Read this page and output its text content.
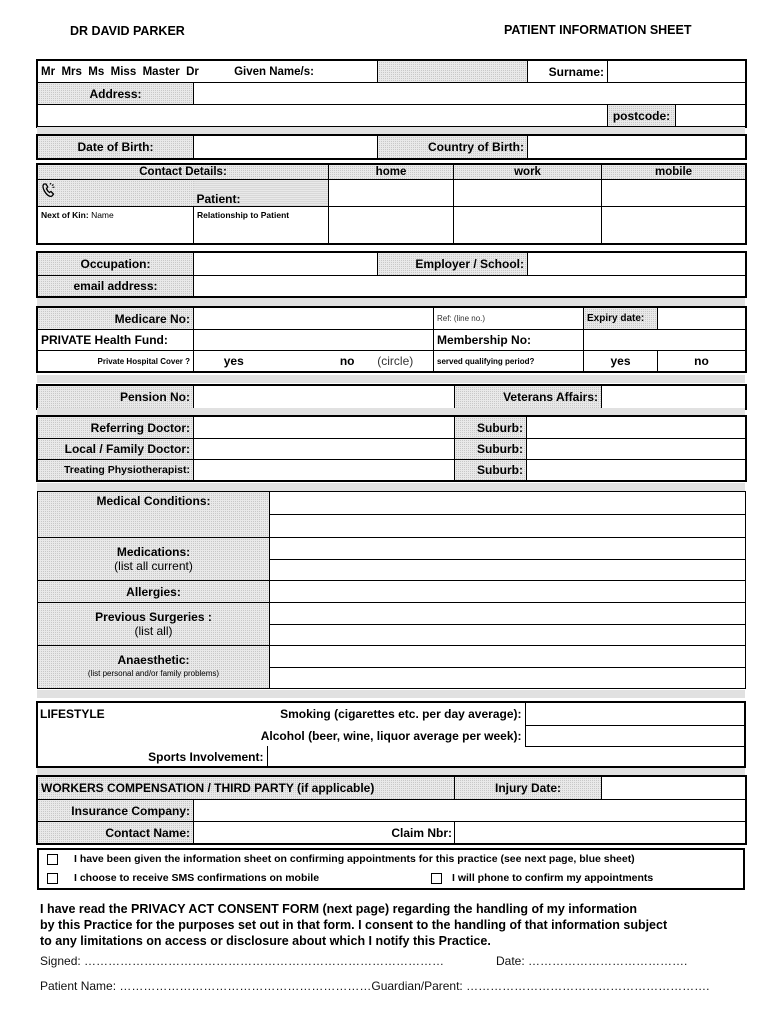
DR DAVID PARKER	PATIENT INFORMATION SHEET
Mr  Mrs  Ms  Miss  Master  Dr Given Name/s:			Surname:		
Address:					
				postcode:	
Date of Birth:		Country of Birth:	
Contact Details:		home	work	mobile
	Patient:			
Next of Kin: Name	Relationship to Patient			
Occupation:		Employer / School:	
email address:			
Medicare No:				Ref: (line no.)	Expiry date:	
PRIVATE Health Fund:				Membership No:		
Private Hospital Cover ?	yes	no	(circle)	served qualifying period?	yes	no
Pension No:		Veterans Affairs:	
Referring Doctor:		Suburb:	
Local / Family Doctor:		Suburb:	
Treating Physiotherapist:		Suburb:	
Medical Conditions:	

Medications:
(list all current)	

Allergies:	

Previous Surgeries :
(list all)	

Anaesthetic:
(list personal and/or family problems)	

LIFESTYLE	Smoking (cigarettes etc. per day average):		
	Alcohol (beer, wine, liquor average per week):		
	Sports Involvement:		
WORKERS COMPENSATION / THIRD PARTY (if applicable)		Injury Date:	
Insurance Company:			
Contact Name:	Claim Nbr:		
I have been given the information sheet on confirming appointments for this practice (see next page, blue sheet)
I choose to receive SMS confirmations on mobile	I will phone to confirm my appointments
I have read the PRIVACY ACT CONSENT FORM (next page) regarding the handling of my information
by this Practice for the purposes set out in that form. I consent to the handling of that information subject
to any limitations on access or disclosure about which I notify this Practice.
Signed: ………………………………………………………………………………	Date: ………………………………….
Patient Name: ………………………………………………………Guardian/Parent: …………………………………………………….
